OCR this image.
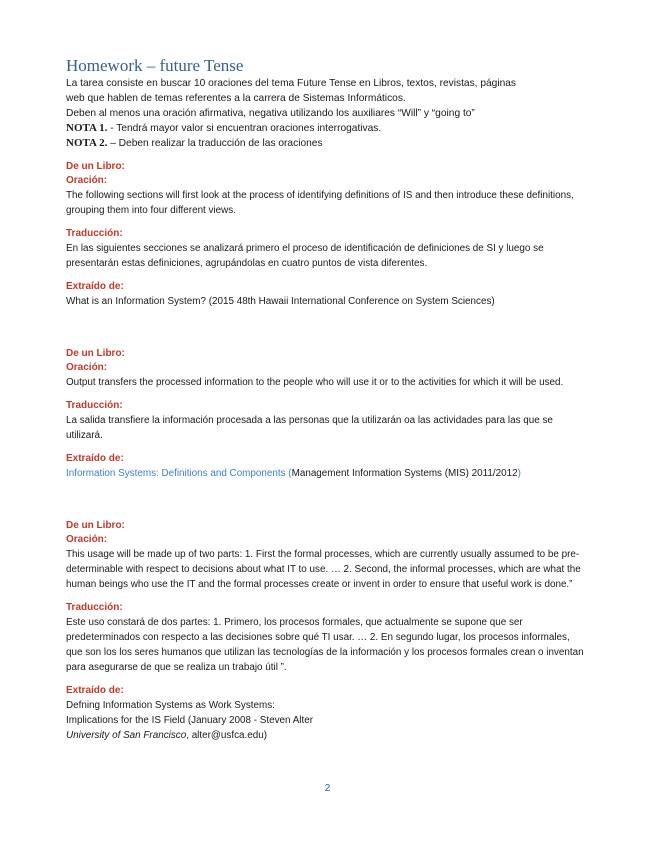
Homework – future Tense

La tarea consiste en buscar 10 oraciones del tema Future Tense en Libros, textos, revistas, páginas

web que hablen de temas referentes a la carrera de Sistemas Informáticos.

Deben al menos una oración afirmativa, negativa utilizando los auxiliares “Will” y “going to”

NOTA 1. - Tendrá mayor valor si encuentran oraciones interrogativas.

NOTA 2. – Deben realizar la traducción de las oraciones

De un Libro:

Oración:

The following sections will first look at the process of identifying definitions of IS and then introduce these definitions, grouping them into four different views.

Traducción:

En las siguientes secciones se analizará primero el proceso de identificación de definiciones de SI y luego se presentarán estas definiciones, agrupándolas en cuatro puntos de vista diferentes.

Extraído de:

What is an Information System? (2015 48th Hawaii International Conference on System Sciences)

De un Libro:

Oración:

Output transfers the processed information to the people who will use it or to the activities for which it will be used.

Traducción:

La salida transfiere la información procesada a las personas que la utilizarán oa las actividades para las que se utilizará.

Extraído de:

Information Systems: Definitions and Components (Management Information Systems (MIS) 2011/2012)

De un Libro:

Oración:

This usage will be made up of two parts: 1. First the formal processes, which are currently usually assumed to be pre-determinable with respect to decisions about what IT to use. … 2. Second, the informal processes, which are what the human beings who use the IT and the formal processes create or invent in order to ensure that useful work is done.”

Traducción:

Este uso constará de dos partes: 1. Primero, los procesos formales, que actualmente se supone que ser predeterminados con respecto a las decisiones sobre qué TI usar. … 2. En segundo lugar, los procesos informales, que son los los seres humanos que utilizan las tecnologías de la información y los procesos formales crean o inventan para asegurarse de que se realiza un trabajo útil ”.

Extraído de:

Defning Information Systems as Work Systems:

Implications for the IS Field (January 2008 - Steven Alter

University of San Francisco, alter@usfca.edu)

2
